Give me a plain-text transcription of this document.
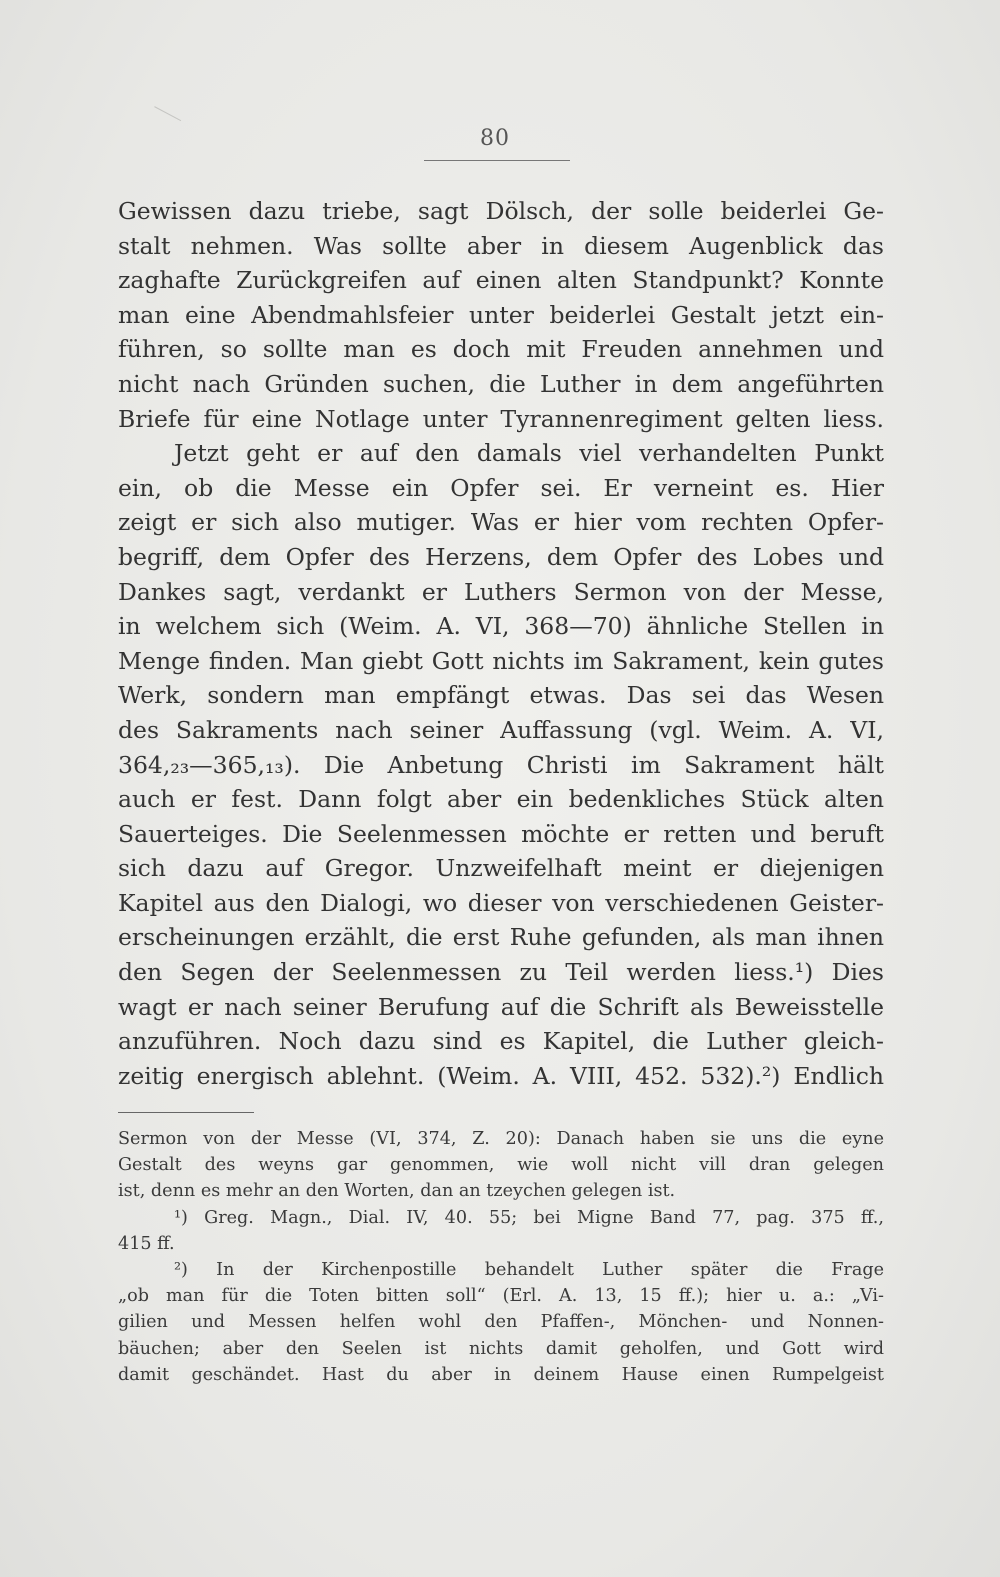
80
Gewissen dazu triebe, sagt Dölsch, der solle beiderlei Ge-
stalt nehmen. Was sollte aber in diesem Augenblick das
zaghafte Zurückgreifen auf einen alten Standpunkt? Konnte
man eine Abendmahlsfeier unter beiderlei Gestalt jetzt ein-
führen, so sollte man es doch mit Freuden annehmen und
nicht nach Gründen suchen, die Luther in dem angeführten
Briefe für eine Notlage unter Tyrannenregiment gelten liess.
Jetzt geht er auf den damals viel verhandelten Punkt
ein, ob die Messe ein Opfer sei. Er verneint es. Hier
zeigt er sich also mutiger. Was er hier vom rechten Opfer-
begriff, dem Opfer des Herzens, dem Opfer des Lobes und
Dankes sagt, verdankt er Luthers Sermon von der Messe,
in welchem sich (Weim. A. VI, 368—70) ähnliche Stellen in
Menge finden. Man giebt Gott nichts im Sakrament, kein gutes
Werk, sondern man empfängt etwas. Das sei das Wesen
des Sakraments nach seiner Auffassung (vgl. Weim. A. VI,
364,₂₃—365,₁₃). Die Anbetung Christi im Sakrament hält
auch er fest. Dann folgt aber ein bedenkliches Stück alten
Sauerteiges. Die Seelenmessen möchte er retten und beruft
sich dazu auf Gregor. Unzweifelhaft meint er diejenigen
Kapitel aus den Dialogi, wo dieser von verschiedenen Geister-
erscheinungen erzählt, die erst Ruhe gefunden, als man ihnen
den Segen der Seelenmessen zu Teil werden liess.¹) Dies
wagt er nach seiner Berufung auf die Schrift als Beweisstelle
anzuführen. Noch dazu sind es Kapitel, die Luther gleich-
zeitig energisch ablehnt. (Weim. A. VIII, 452. 532).²) Endlich
Sermon von der Messe (VI, 374, Z. 20): Danach haben sie uns die eyne
Gestalt des weyns gar genommen, wie woll nicht vill dran gelegen
ist, denn es mehr an den Worten, dan an tzeychen gelegen ist.
¹) Greg. Magn., Dial. IV, 40. 55; bei Migne Band 77, pag. 375 ff.,
415 ff.
²) In der Kirchenpostille behandelt Luther später die Frage
„ob man für die Toten bitten soll“ (Erl. A. 13, 15 ff.); hier u. a.: „Vi-
gilien und Messen helfen wohl den Pfaffen-, Mönchen- und Nonnen-
bäuchen; aber den Seelen ist nichts damit geholfen, und Gott wird
damit geschändet. Hast du aber in deinem Hause einen Rumpelgeist
